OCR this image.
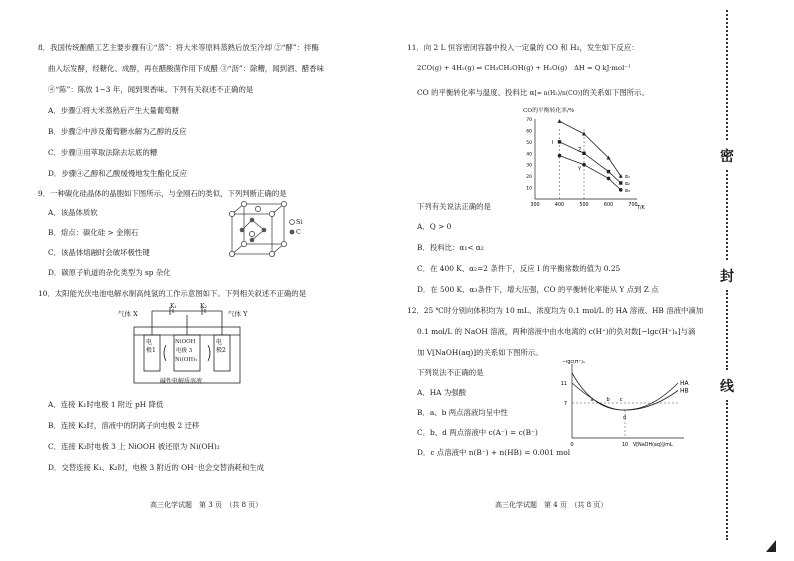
8．我国传统酿醋工艺主要步骤有①“蒸”：将大米等原料蒸熟后放至冷却 ②“酵”：拌酶
曲入坛发酵，经糖化、成醇，再在醋酸菌作用下成醋 ③“沥”：除糟，闻到酒、醋香味
④“陈”：陈放 1~3 年，闻到果香味。下列有关叙述不正确的是
A．步骤①将大米蒸熟后产生大量葡萄糖
B．步骤②中涉及葡萄糖水解为乙醇的反应
C．步骤③用萃取法除去坛底的糟
D．步骤④乙醇和乙酸缓慢地发生酯化反应
9．一种碳化硅晶体的晶胞如下图所示，与金刚石的类似，下列判断正确的是
A．该晶体质软
B．熔点：碳化硅 > 金刚石
C．该晶体熔融时会破坏极性键
D．碳原子轨道的杂化类型为 sp 杂化
Si
C
10．太阳能光伏电池电解水制高纯氢的工作示意图如下。下列相关叙述不正确的是
气体 X	气体 Y
K₁	K₂
电极1
电极2
NiOOH
电极 3
Ni(OH)₂
碱性电解质溶液
A．连接 K₁时电极 1 附近 pH 降低
B．连接 K₂时，溶液中的阴离子向电极 2 迁移
C．连接 K₂时电极 3 上 NiOOH 被还原为 Ni(OH)₂
D．交替连接 K₁、K₂时，电极 3 附近的 OH⁻也会交替消耗和生成
高三化学试题　第 3 页　（共 8 页）
11．向 2 L 恒容密闭容器中投入一定量的 CO 和 H₂，发生如下反应：
2CO(g) + 4H₂(g) ⇌ CH₃CH₂OH(g) + H₂O(g)　ΔH = Q kJ·mol⁻¹
CO 的平衡转化率与温度、投料比 α[= n(H₂)/n(CO)]的关系如下图所示。
CO的平衡转化率/%
10
20
30
40
50
60
70
300	400	500	600	700
T/K
α₁
α₂
α₃
Ⅰ
Z
Y
下列有关说法正确的是
A．Q > 0
B．投料比：α₁< α₂
C．在 400 K、α₂=2 条件下，反应 Ⅰ 的平衡常数的值为 0.25
D．在 500 K、α₃条件下，增大压强，CO 的平衡转化率能从 Y 点到 Z 点
12．25 ℃时分别向体积均为 10 mL、浓度均为 0.1 mol/L 的 HA 溶液、HB 溶液中滴加
0.1 mol/L 的 NaOH 溶液，两种溶液中由水电离的 c(H⁺)的负对数[−lgc(H⁺)ₐ]与滴
加 V[NaOH(aq)]的关系如下图所示。
下列说法不正确的是
A．HA 为强酸
B．a、b 两点溶液均呈中性
C．b、d 两点溶液中 c(A⁻) = c(B⁻)
D．c 点溶液中 n(B⁻) + n(HB) = 0.001 mol
−lgc(H⁺)ₐ
11
7
0	10 V[NaOH(aq)]/mL
HA
HB
a	b c
d
高三化学试题　第 4 页　（共 8 页）
密
封
线
